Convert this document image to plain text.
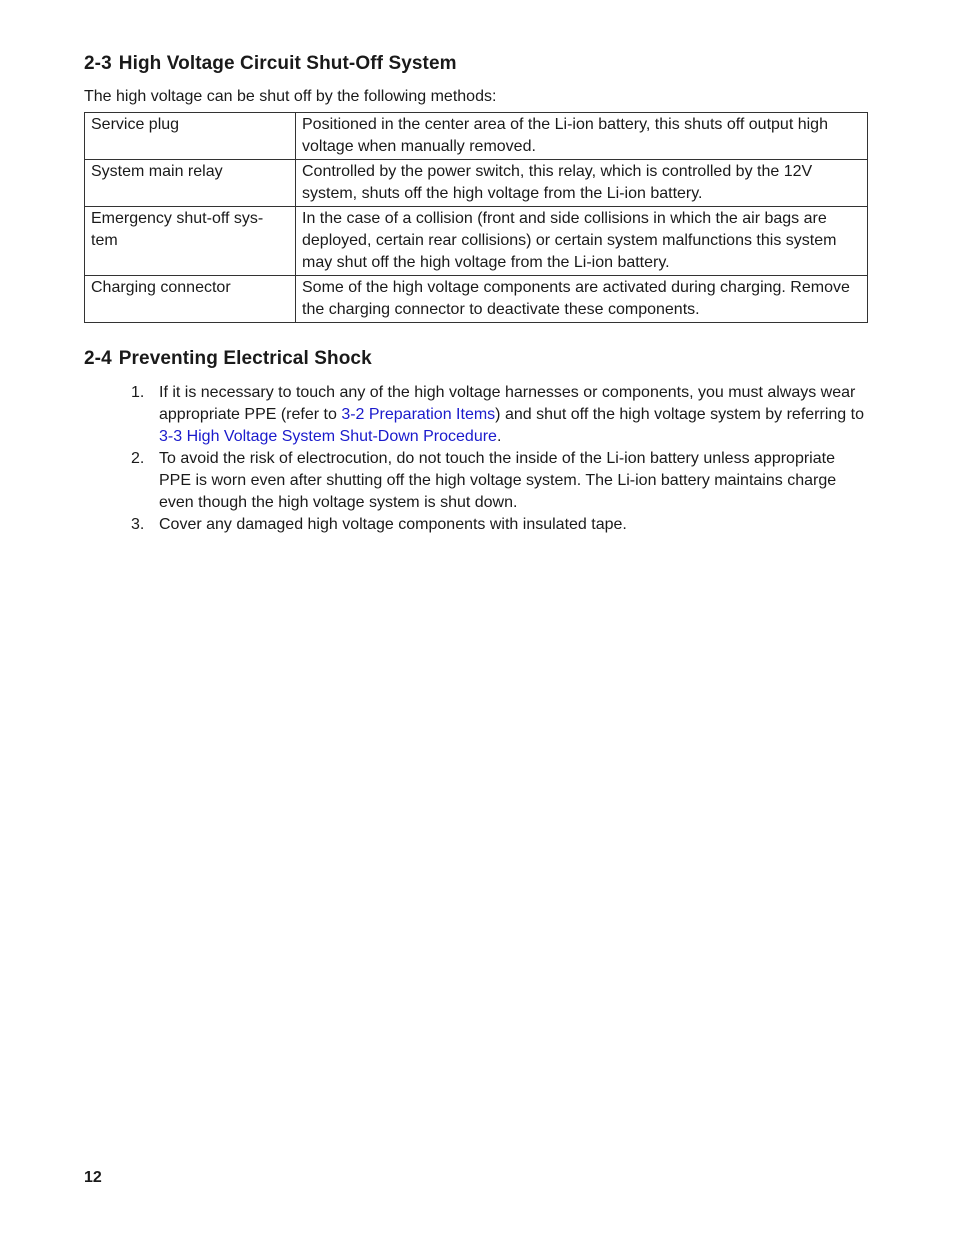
2-3 High Voltage Circuit Shut-Off System

The high voltage can be shut off by the following methods:

Service plug	Positioned in the center area of the Li-ion battery, this shuts off output high voltage when manually removed.
System main relay	Controlled by the power switch, this relay, which is controlled by the 12V system, shuts off the high voltage from the Li-ion battery.
Emergency shut-off sys-tem	In the case of a collision (front and side collisions in which the air bags are deployed, certain rear collisions) or certain system malfunctions this system may shut off the high voltage from the Li-ion battery.
Charging connector	Some of the high voltage components are activated during charging. Remove the charging connector to deactivate these components.
2-4 Preventing Electrical Shock
1. If it is necessary to touch any of the high voltage harnesses or components, you must always wear appropriate PPE (refer to 3-2 Preparation Items) and shut off the high voltage system by referring to 3-3 High Voltage System Shut-Down Procedure.
2. To avoid the risk of electrocution, do not touch the inside of the Li-ion battery unless appropriate PPE is worn even after shutting off the high voltage system. The Li-ion battery maintains charge even though the high voltage system is shut down.
3. Cover any damaged high voltage components with insulated tape.
12
